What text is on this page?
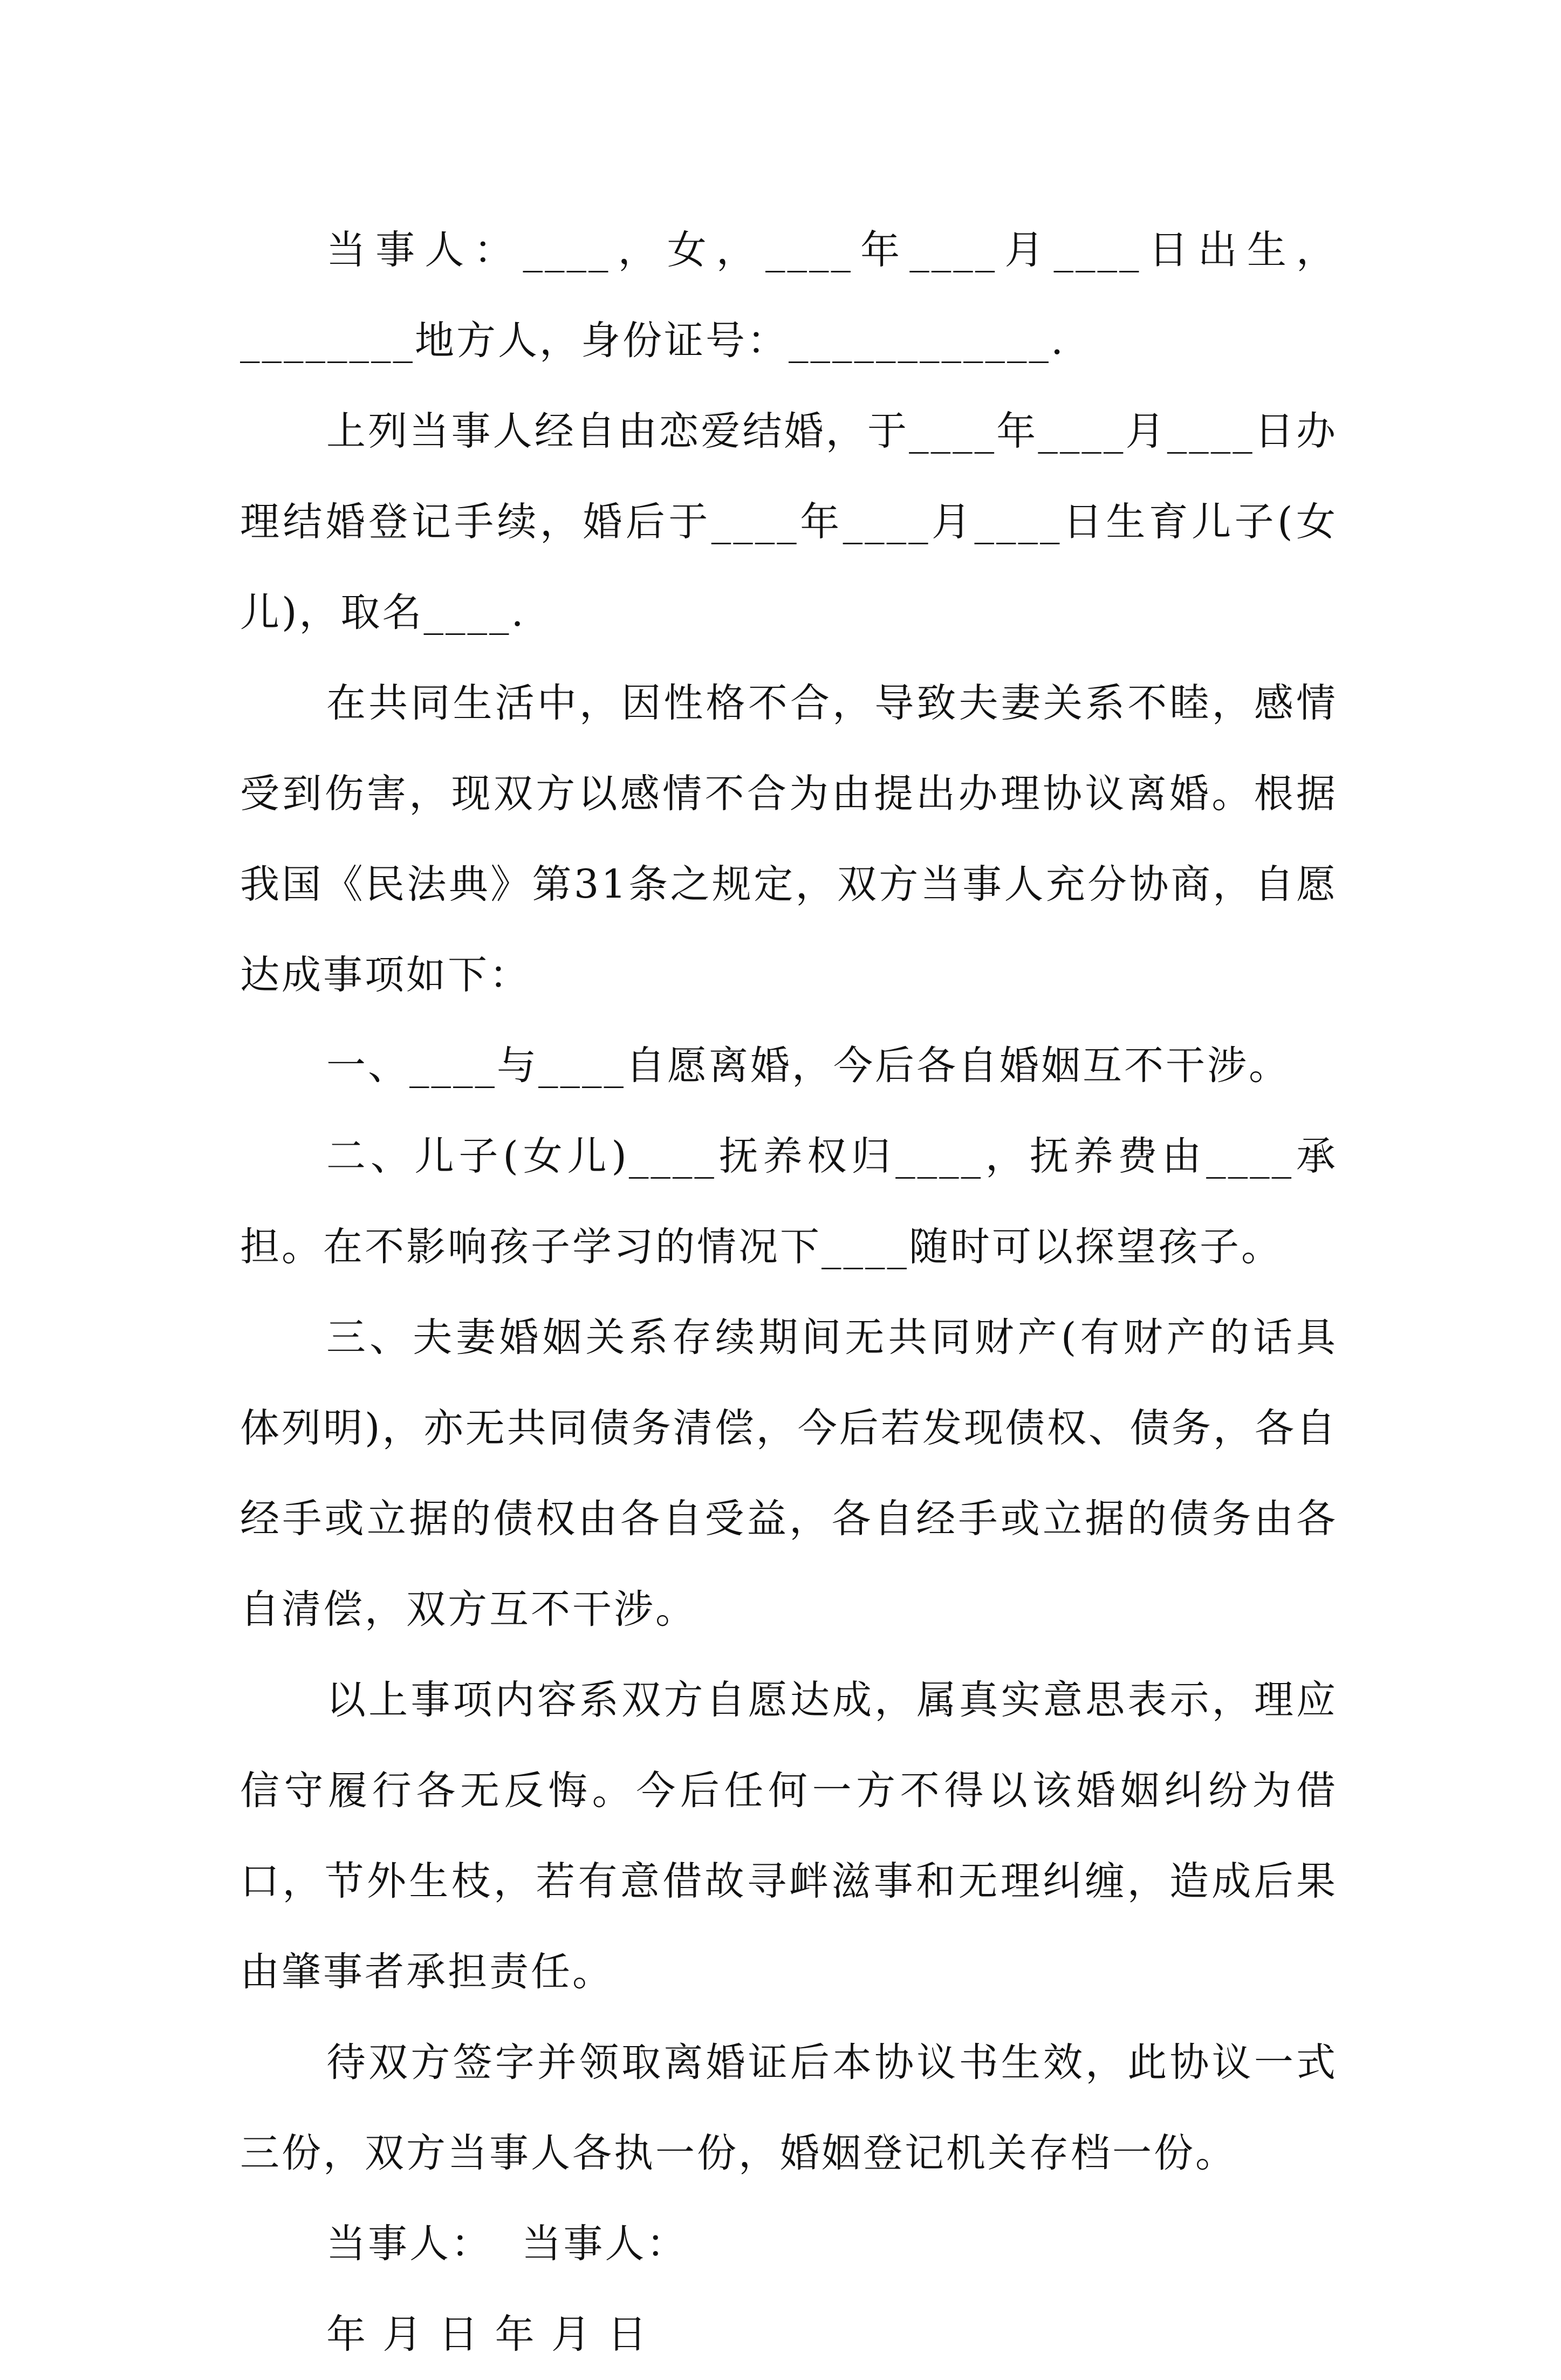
当事人：____，女，____年____月____日出生，________地方人，身份证号：____________.

上列当事人经自由恋爱结婚，于____年____月____日办理结婚登记手续，婚后于____年____月____日生育儿子(女儿)，取名____.

在共同生活中，因性格不合，导致夫妻关系不睦，感情受到伤害，现双方以感情不合为由提出办理协议离婚。根据我国《民法典》第31条之规定，双方当事人充分协商，自愿达成事项如下：

一、____与____自愿离婚，今后各自婚姻互不干涉。

二、儿子(女儿)____抚养权归____，抚养费由____承担。在不影响孩子学习的情况下____随时可以探望孩子。

三、夫妻婚姻关系存续期间无共同财产(有财产的话具体列明)，亦无共同债务清偿，今后若发现债权、债务，各自经手或立据的债权由各自受益，各自经手或立据的债务由各自清偿，双方互不干涉。

以上事项内容系双方自愿达成，属真实意思表示，理应信守履行各无反悔。今后任何一方不得以该婚姻纠纷为借口，节外生枝，若有意借故寻衅滋事和无理纠缠，造成后果由肇事者承担责任。

待双方签字并领取离婚证后本协议书生效，此协议一式三份，双方当事人各执一份，婚姻登记机关存档一份。

当事人：  当事人：

年 月 日 年 月 日
